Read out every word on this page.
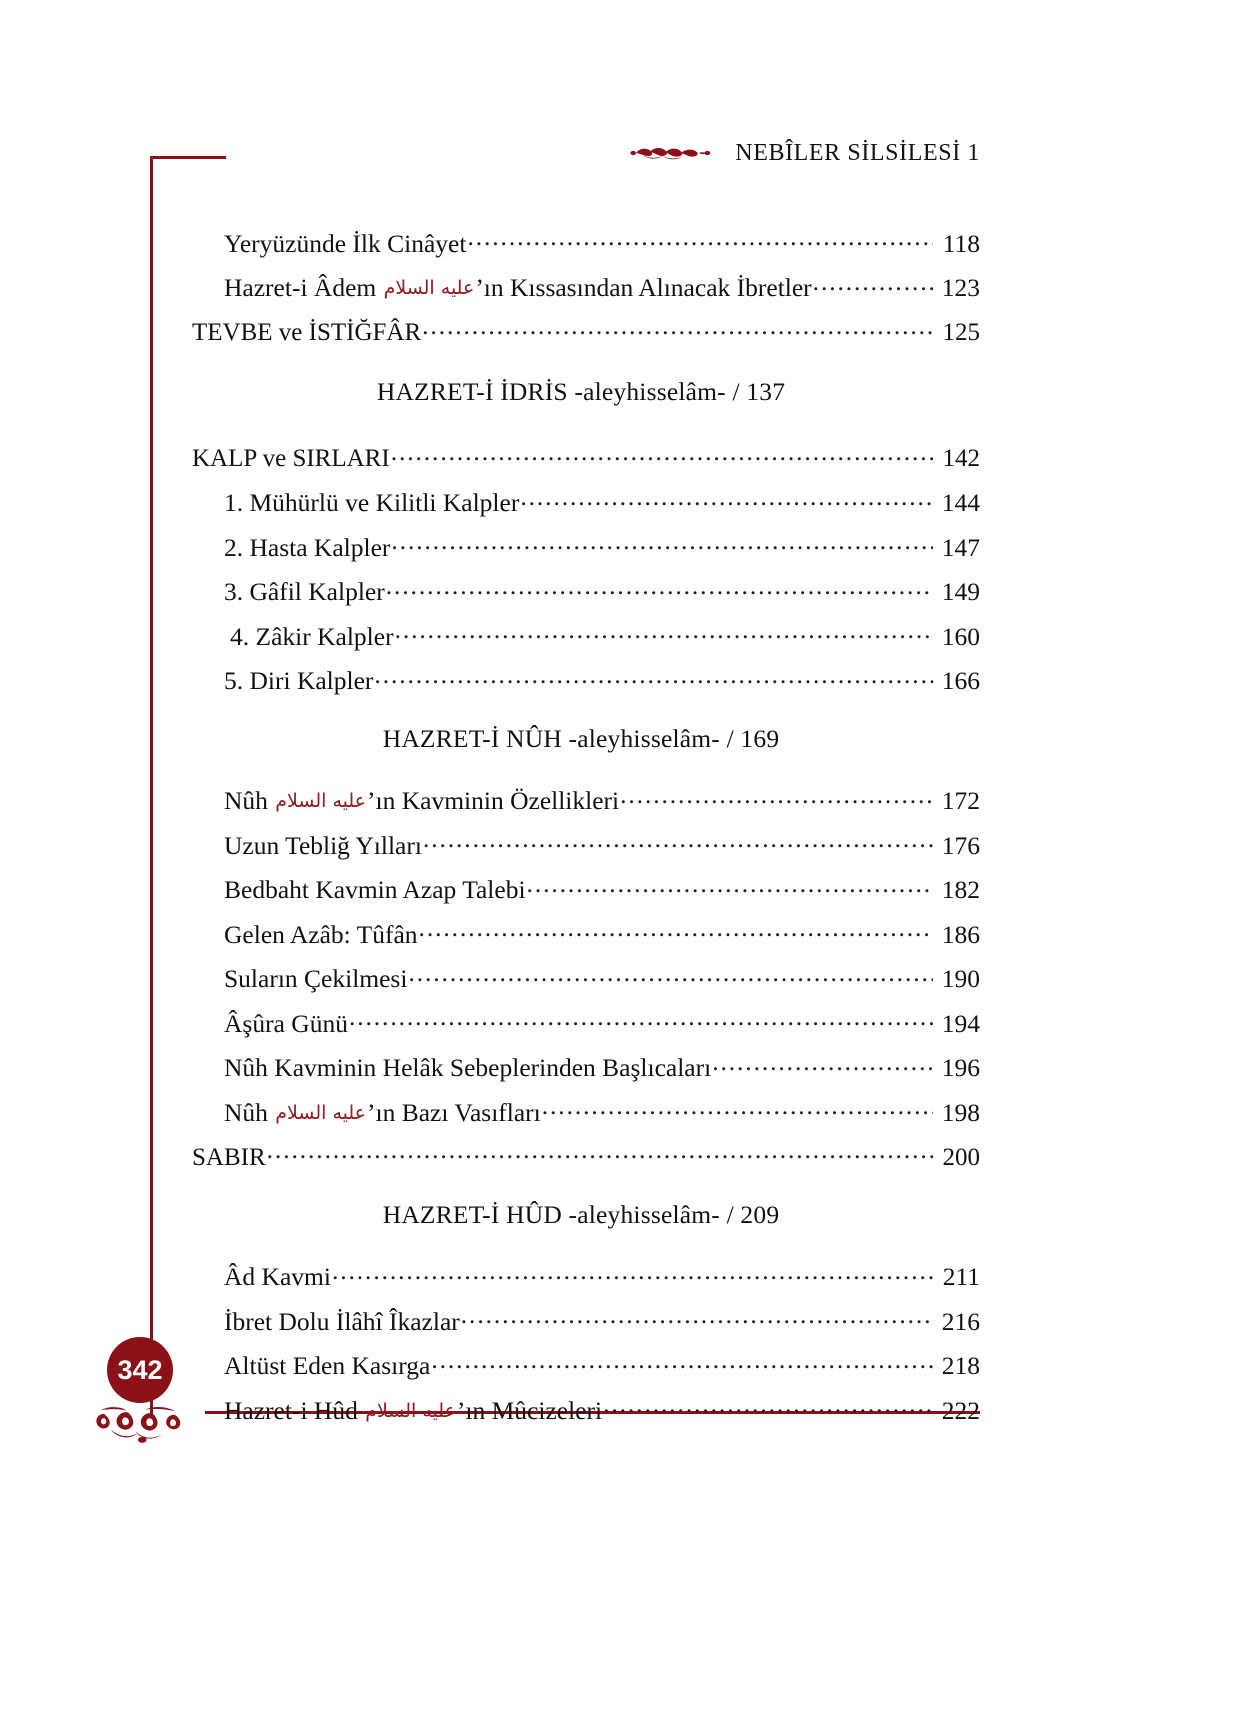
NEBÎLER SİLSİLESİ 1
Yeryüzünde İlk Cinâyet .....	118
Hazret-i Âdem عليه السلام’ın Kıssasından Alınacak İbretler .....	123
TEVBE ve İSTİĞFÂR .....	125
HAZRET-İ İDRİS -aleyhisselâm- / 137
KALP ve SIRLARI .....	142
1. Mühürlü ve Kilitli Kalpler .....	144
2. Hasta Kalpler .....	147
3. Gâfil Kalpler .....	149
4. Zâkir Kalpler .....	160
5. Diri Kalpler .....	166
HAZRET-İ NÛH -aleyhisselâm- / 169
Nûh عليه السلام’ın Kavminin Özellikleri .....	172
Uzun Tebliğ Yılları .....	176
Bedbaht Kavmin Azap Talebi .....	182
Gelen Azâb: Tûfân .....	186
Suların Çekilmesi .....	190
Âşûra Günü .....	194
Nûh Kavminin Helâk Sebeplerinden Başlıcaları .....	196
Nûh عليه السلام’ın Bazı Vasıfları .....	198
SABIR .....	200
HAZRET-İ HÛD -aleyhisselâm- / 209
Âd Kavmi .....	211
İbret Dolu İlâhî Îkazlar .....	216
Altüst Eden Kasırga .....	218
Hazret-i Hûd عليه السلام’ın Mûcizeleri .....	222
342
